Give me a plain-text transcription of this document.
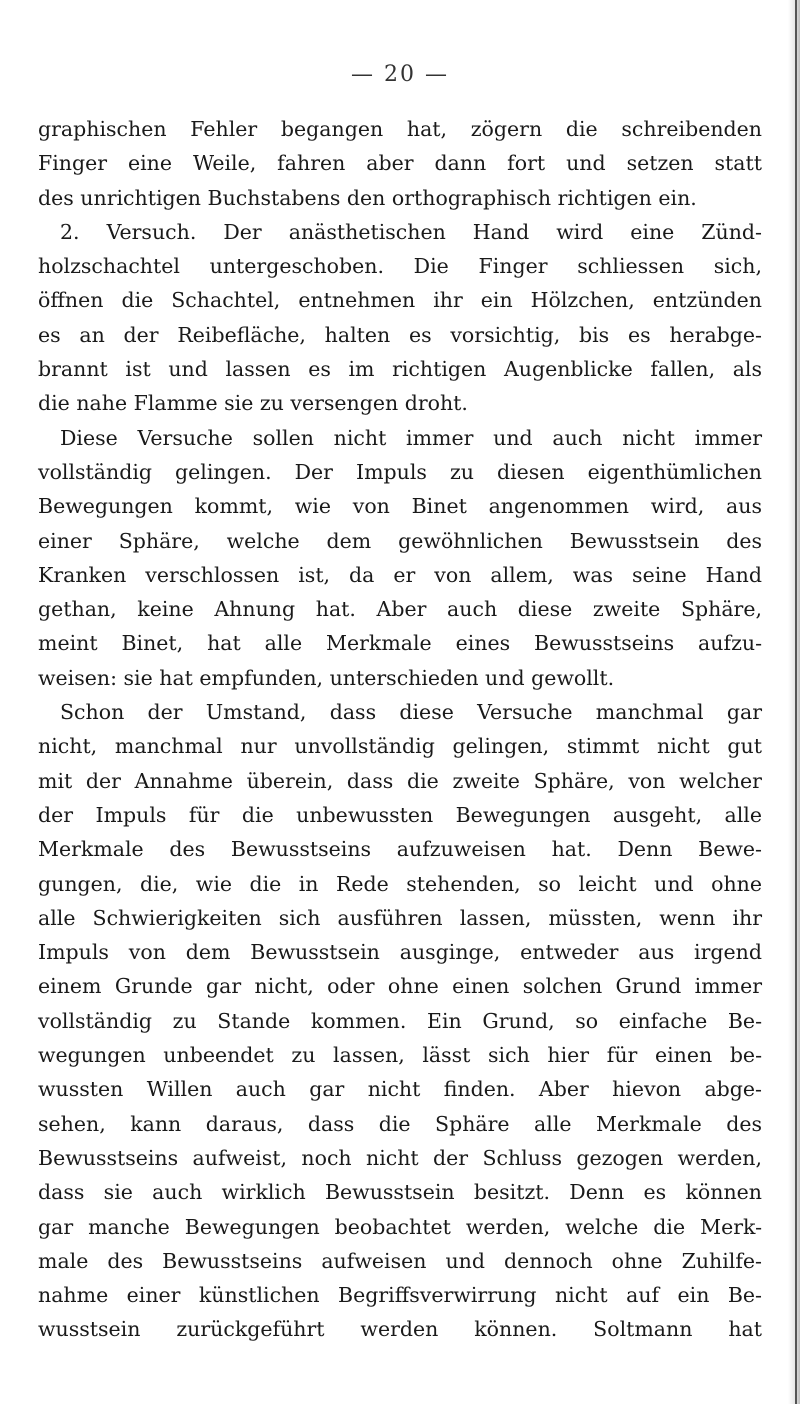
— 20 —
graphischen Fehler begangen hat, zögern die schreibenden
Finger eine Weile, fahren aber dann fort und setzen statt
des unrichtigen Buchstabens den orthographisch richtigen ein.
2. Versuch. Der anästhetischen Hand wird eine Zünd-
holzschachtel untergeschoben. Die Finger schliessen sich,
öffnen die Schachtel, entnehmen ihr ein Hölzchen, entzünden
es an der Reibefläche, halten es vorsichtig, bis es herabge-
brannt ist und lassen es im richtigen Augenblicke fallen, als
die nahe Flamme sie zu versengen droht.
Diese Versuche sollen nicht immer und auch nicht immer
vollständig gelingen. Der Impuls zu diesen eigenthümlichen
Bewegungen kommt, wie von Binet angenommen wird, aus
einer Sphäre, welche dem gewöhnlichen Bewusstsein des
Kranken verschlossen ist, da er von allem, was seine Hand
gethan, keine Ahnung hat. Aber auch diese zweite Sphäre,
meint Binet, hat alle Merkmale eines Bewusstseins aufzu-
weisen: sie hat empfunden, unterschieden und gewollt.
Schon der Umstand, dass diese Versuche manchmal gar
nicht, manchmal nur unvollständig gelingen, stimmt nicht gut
mit der Annahme überein, dass die zweite Sphäre, von welcher
der Impuls für die unbewussten Bewegungen ausgeht, alle
Merkmale des Bewusstseins aufzuweisen hat. Denn Bewe-
gungen, die, wie die in Rede stehenden, so leicht und ohne
alle Schwierigkeiten sich ausführen lassen, müssten, wenn ihr
Impuls von dem Bewusstsein ausginge, entweder aus irgend
einem Grunde gar nicht, oder ohne einen solchen Grund immer
vollständig zu Stande kommen. Ein Grund, so einfache Be-
wegungen unbeendet zu lassen, lässt sich hier für einen be-
wussten Willen auch gar nicht finden. Aber hievon abge-
sehen, kann daraus, dass die Sphäre alle Merkmale des
Bewusstseins aufweist, noch nicht der Schluss gezogen werden,
dass sie auch wirklich Bewusstsein besitzt. Denn es können
gar manche Bewegungen beobachtet werden, welche die Merk-
male des Bewusstseins aufweisen und dennoch ohne Zuhilfe-
nahme einer künstlichen Begriffsverwirrung nicht auf ein Be-
wusstsein zurückgeführt werden können. Soltmann hat
